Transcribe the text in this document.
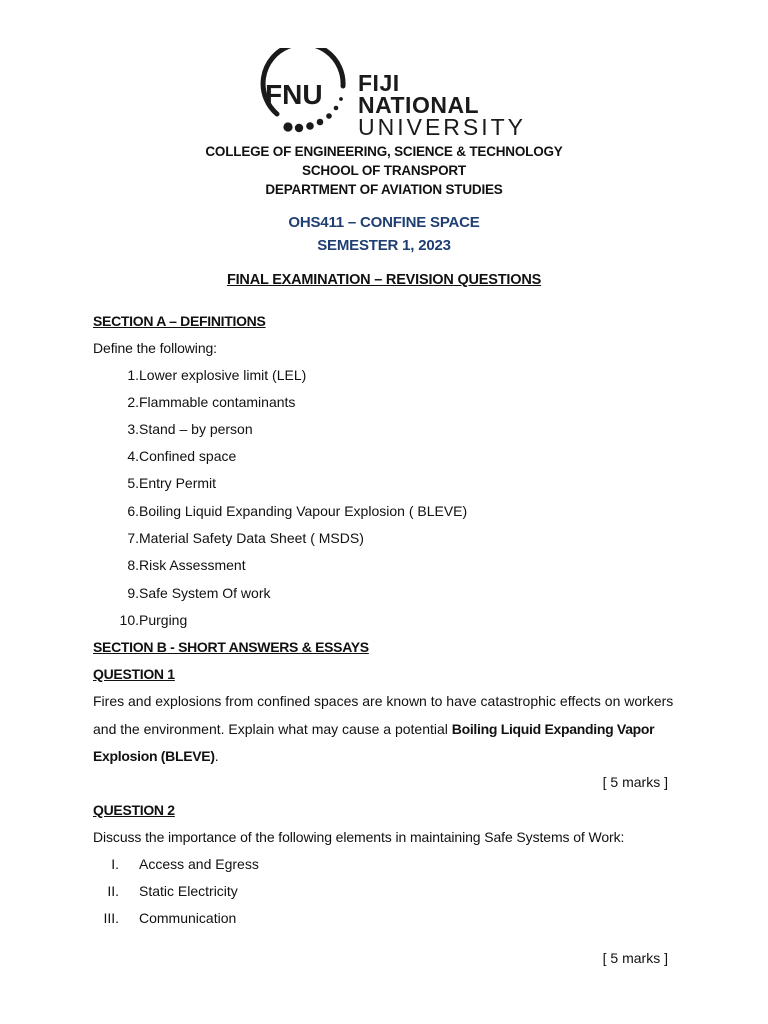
FNU FIJI NATIONAL
UNIVERSITY
COLLEGE OF ENGINEERING, SCIENCE & TECHNOLOGY
SCHOOL OF TRANSPORT
DEPARTMENT OF AVIATION STUDIES
OHS411 – CONFINE SPACE
SEMESTER 1, 2023
FINAL EXAMINATION – REVISION QUESTIONS
SECTION A – DEFINITIONS
Define the following:
1. Lower explosive limit (LEL)
2. Flammable contaminants
3. Stand – by person
4. Confined space
5. Entry Permit
6. Boiling Liquid Expanding Vapour Explosion ( BLEVE)
7. Material Safety Data Sheet ( MSDS)
8. Risk Assessment
9. Safe System Of work
10. Purging
SECTION B - SHORT ANSWERS & ESSAYS
QUESTION 1
Fires and explosions from confined spaces are known to have catastrophic effects on workers and the environment. Explain what may cause a potential Boiling Liquid Expanding Vapor Explosion (BLEVE).
[ 5 marks ]
QUESTION 2
Discuss the importance of the following elements in maintaining Safe Systems of Work:
I. Access and Egress
II. Static Electricity
III. Communication
[ 5 marks ]
